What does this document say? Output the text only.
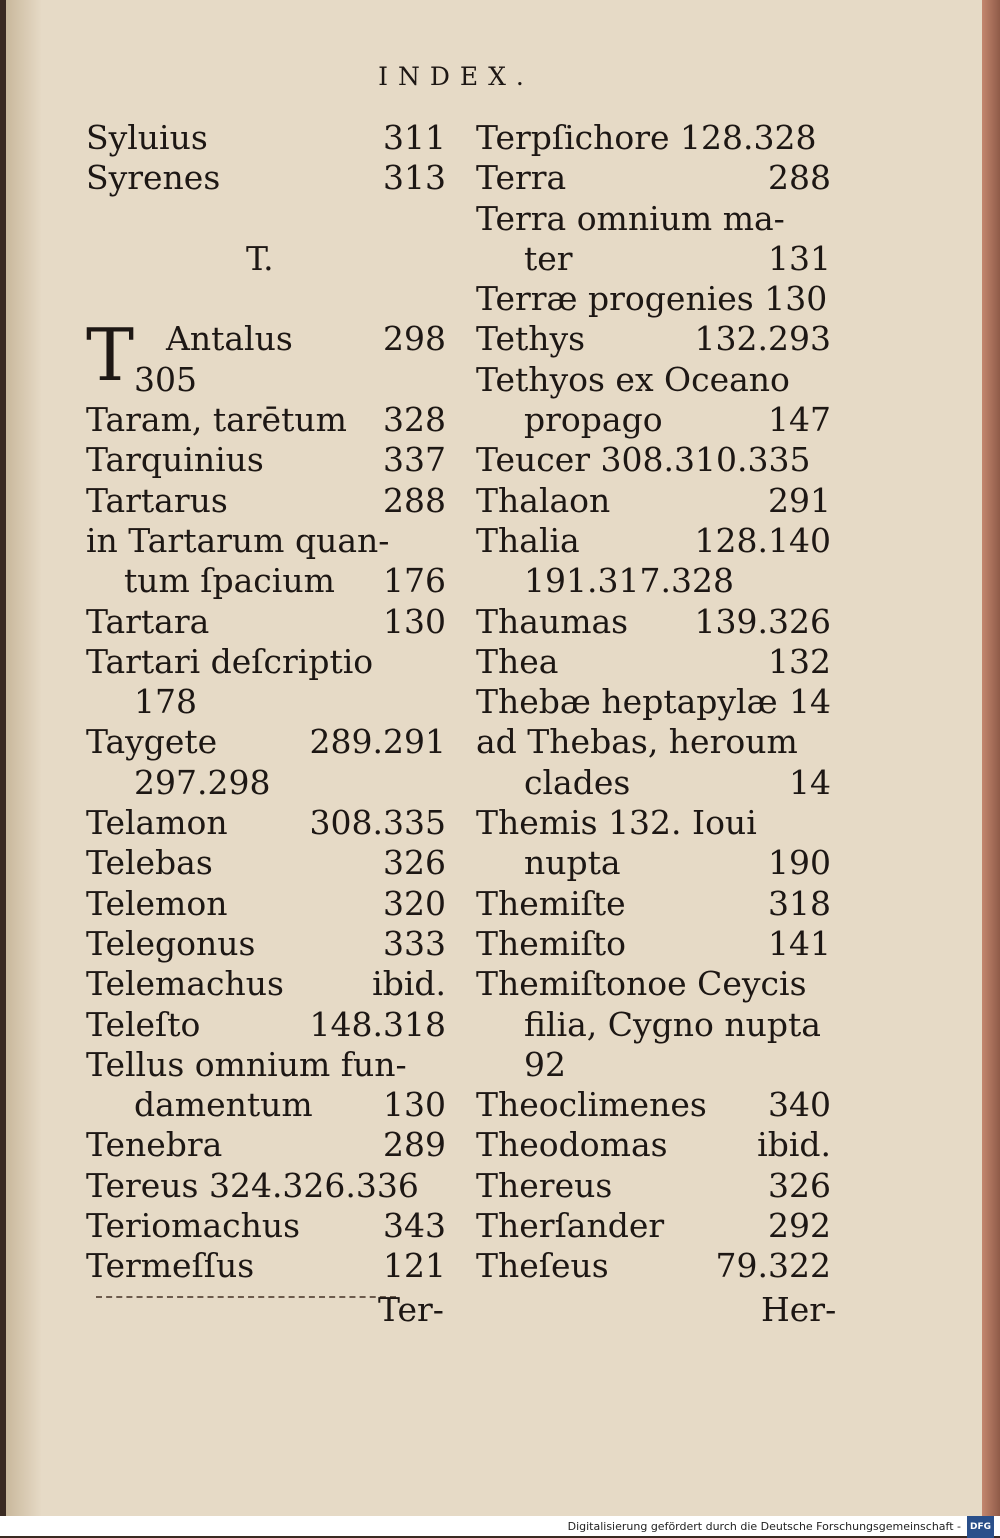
INDEX.
Syluius	311
Syrenes	313
T.
T Antalus	298
305
Taram, tarētum 328
Tarquinius	337
Tartarus	288
in Tartarum quan-
tum ſpacium 176
Tartara	130
Tartari deſcriptio
178
Taygete	289.291
297.298
Telamon 308.335
Telebas	326
Telemon	320
Telegonus	333
Telemachus	ibid.
Teleſto	148.318
Tellus omnium fun-
damentum 130
Tenebra	289
Tereus 324.326.336
Teriomachus	343
Termeſſus	121
Terpſichore 128.328
Terra	288
Terra omnium ma-
ter	131
Terræ progenies 130
Tethys	132.293
Tethyos ex Oceano
propago	147
Teucer 308.310.335
Thalaon	291
Thalia	128.140
191.317.328
Thaumas 139.326
Thea	132
Thebæ heptapylæ 14
ad Thebas, heroum
clades	14
Themis 132. Ioui
nupta	190
Themiſte	318
Themiſto	141
Themiſtonoe Ceycis
filia, Cygno nupta
92
Theoclimenes 340
Theodomas	ibid.
Thereus	326
Therſander	292
Theſeus	79.322
Ter-	Her-
Digitalisierung gefördert durch die Deutsche Forschungsgemeinschaft - DFG
